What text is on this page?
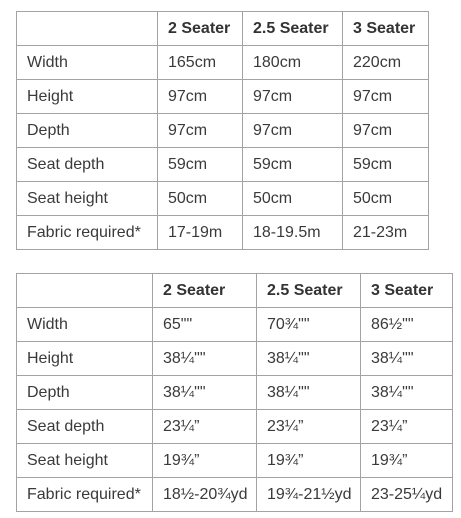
	2 Seater	2.5 Seater	3 Seater
Width	165cm	180cm	220cm
Height	97cm	97cm	97cm
Depth	97cm	97cm	97cm
Seat depth	59cm	59cm	59cm
Seat height	50cm	50cm	50cm
Fabric required*	17-19m	18-19.5m	21-23m
	2 Seater	2.5 Seater	3 Seater
Width	65""	70¾""	86½""
Height	38¼""	38¼""	38¼""
Depth	38¼""	38¼""	38¼""
Seat depth	23¼”	23¼”	23¼”
Seat height	19¾”	19¾”	19¾”
Fabric required*	18½-20¾yd	19¾-21½yd	23-25¼yd
